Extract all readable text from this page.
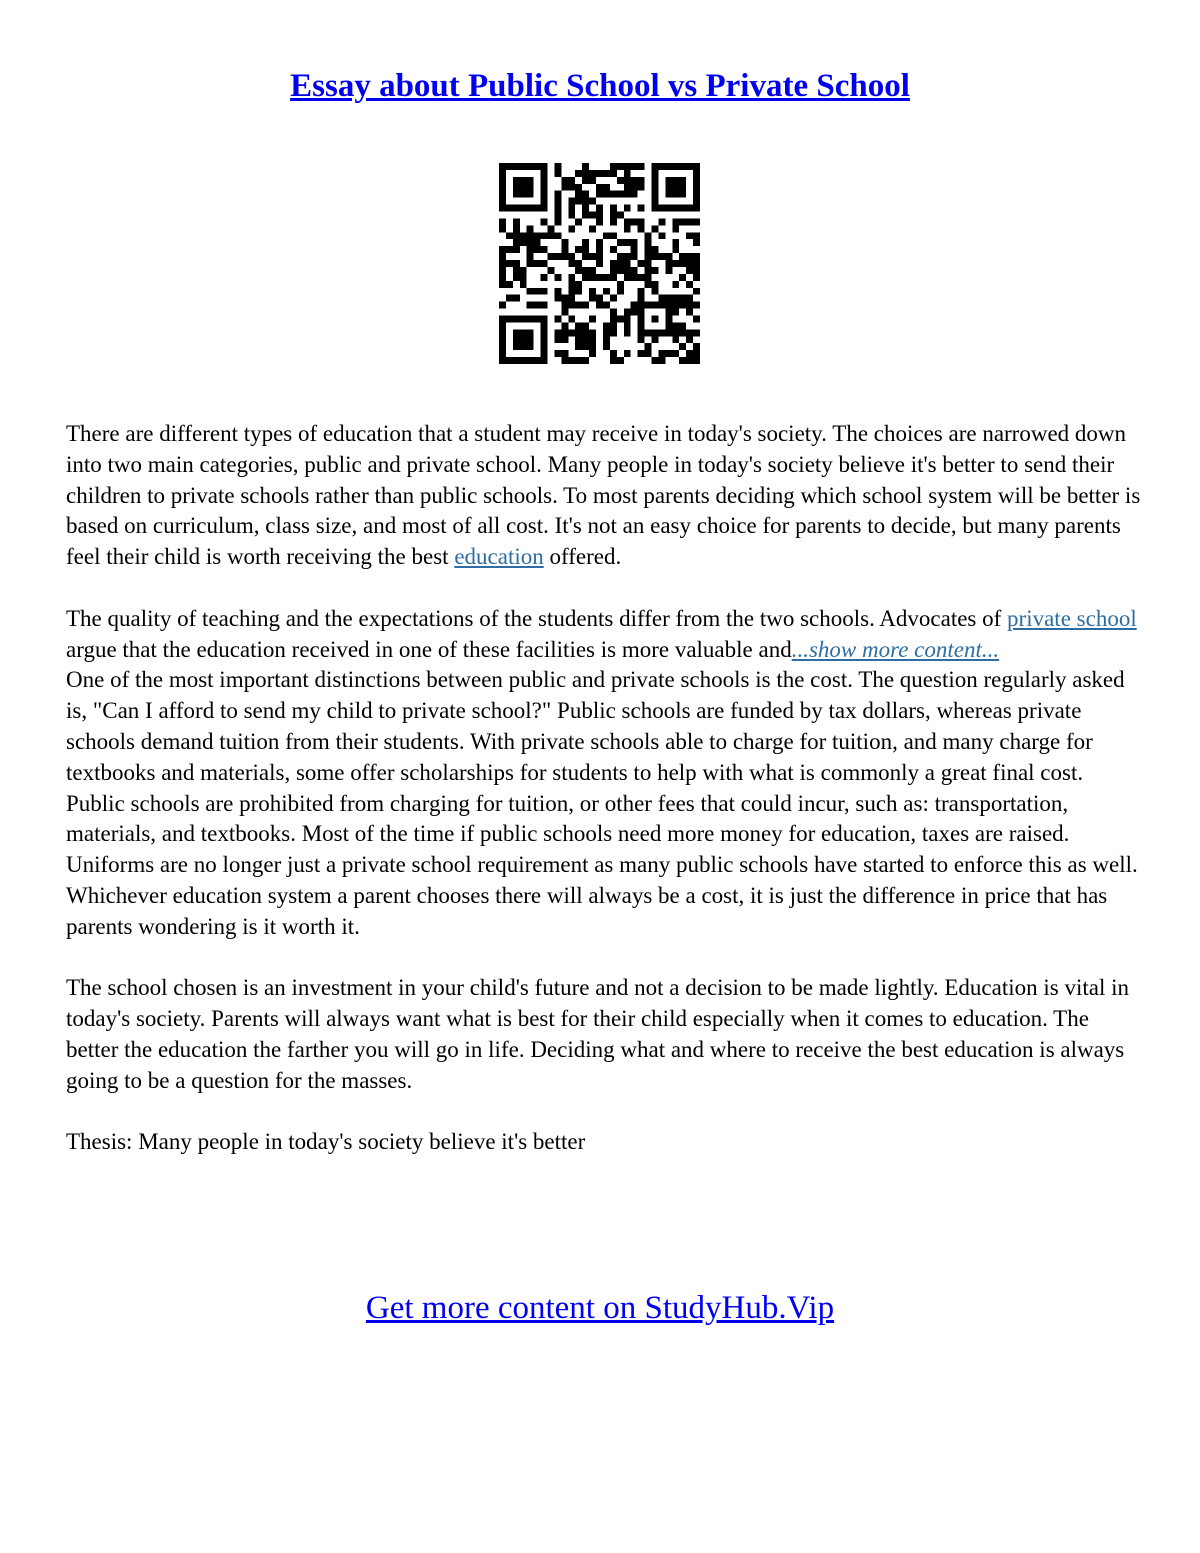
Essay about Public School vs Private School

There are different types of education that a student may receive in today's society. The choices are narrowed down into two main categories, public and private school. Many people in today's society believe it's better to send their children to private schools rather than public schools. To most parents deciding which school system will be better is based on curriculum, class size, and most of all cost. It's not an easy choice for parents to decide, but many parents feel their child is worth receiving the best education offered.

The quality of teaching and the expectations of the students differ from the two schools. Advocates of private school argue that the education received in one of these facilities is more valuable and...show more content...

One of the most important distinctions between public and private schools is the cost. The question regularly asked is, "Can I afford to send my child to private school?" Public schools are funded by tax dollars, whereas private schools demand tuition from their students. With private schools able to charge for tuition, and many charge for textbooks and materials, some offer scholarships for students to help with what is commonly a great final cost. Public schools are prohibited from charging for tuition, or other fees that could incur, such as: transportation, materials, and textbooks. Most of the time if public schools need more money for education, taxes are raised. Uniforms are no longer just a private school requirement as many public schools have started to enforce this as well. Whichever education system a parent chooses there will always be a cost, it is just the difference in price that has parents wondering is it worth it.

The school chosen is an investment in your child's future and not a decision to be made lightly. Education is vital in today's society. Parents will always want what is best for their child especially when it comes to education. The better the education the farther you will go in life. Deciding what and where to receive the best education is always going to be a question for the masses.

Thesis: Many people in today's society believe it's better

Get more content on StudyHub.Vip
